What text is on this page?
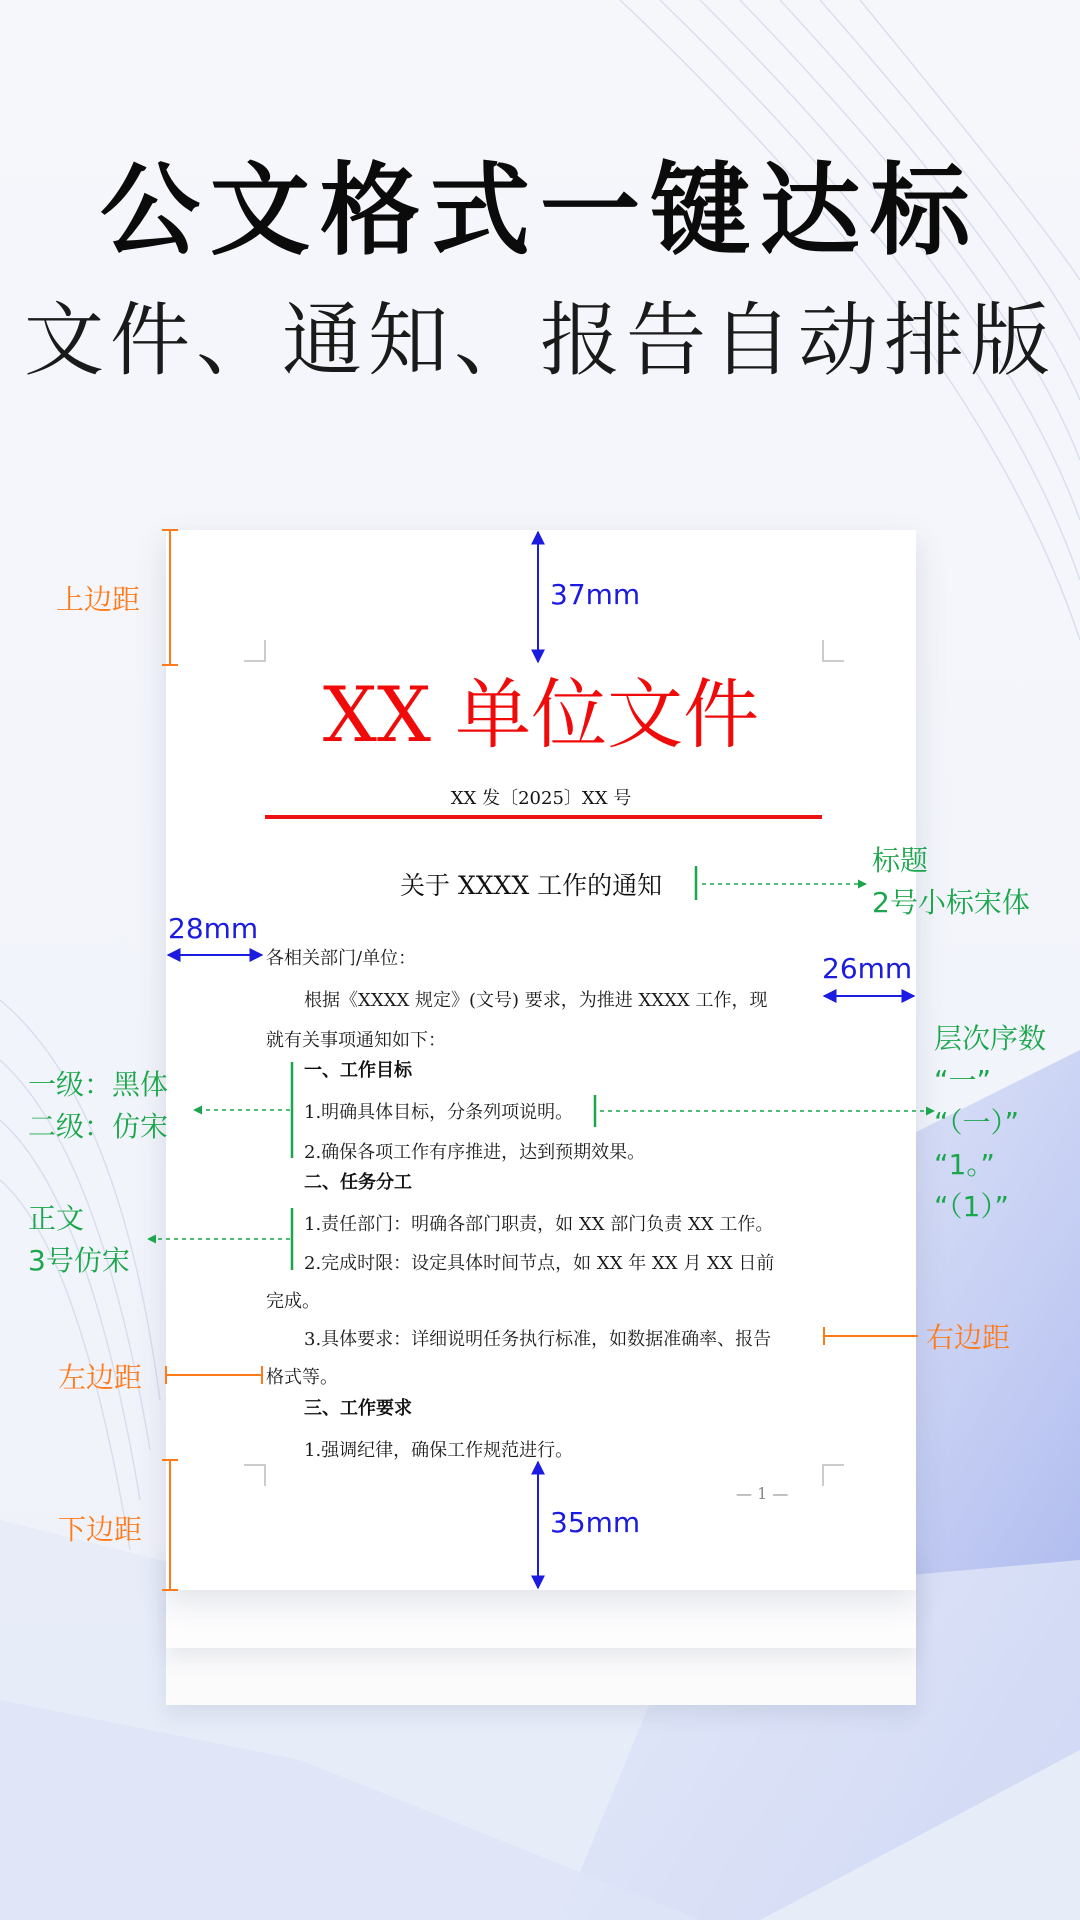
公文格式一键达标
文件、通知、报告自动排版
XX 单位文件
XX 发〔2025〕XX 号
关于 XXXX 工作的通知
各相关部门/单位：
根据《XXXX 规定》(文号) 要求，为推进 XXXX 工作，现
就有关事项通知如下：
一、工作目标
1.明确具体目标，分条列项说明。
2.确保各项工作有序推进，达到预期效果。
二、任务分工
1.责任部门：明确各部门职责，如 XX 部门负责 XX 工作。
2.完成时限：设定具体时间节点，如 XX 年 XX 月 XX 日前
完成。
3.具体要求：详细说明任务执行标准，如数据准确率、报告
格式等。
三、工作要求
1.强调纪律，确保工作规范进行。
— 1 —
上边距	37mm
28mm
26mm
标题
2号小标宋体
一级：黑体
二级：仿宋
层次序数
“一”
“（一）”
“1。”
“（1）”
正文
3号仿宋
右边距
左边距
下边距	35mm
